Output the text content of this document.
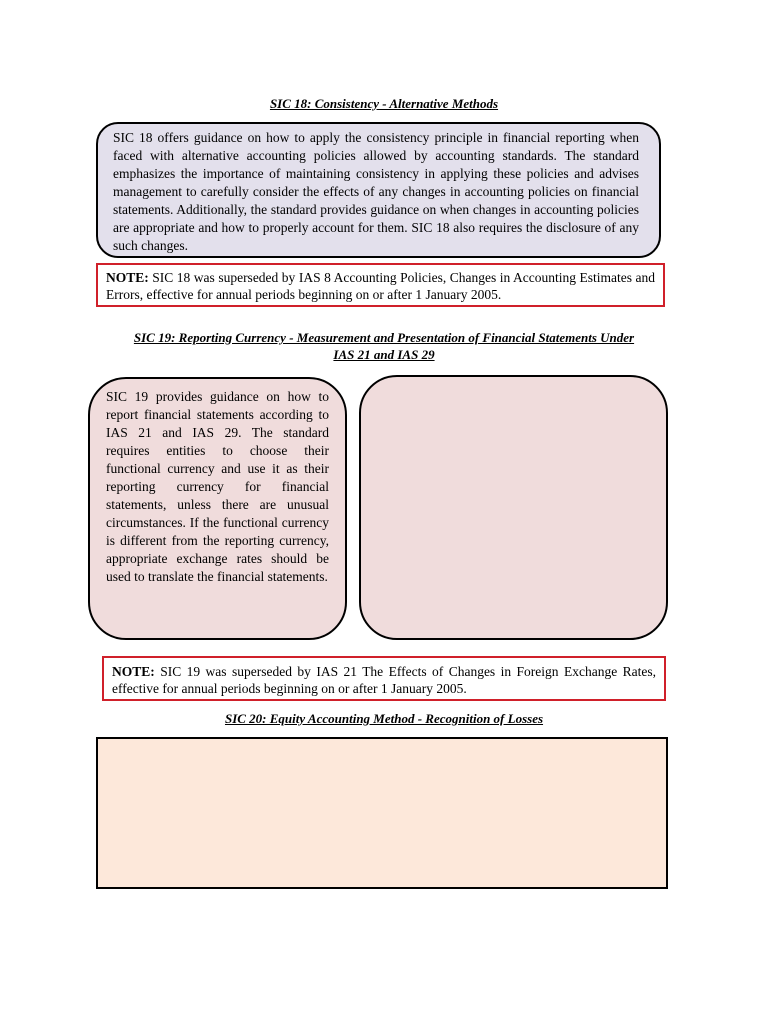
SIC 18: Consistency - Alternative Methods

SIC 18 offers guidance on how to apply the consistency principle in financial reporting when faced with alternative accounting policies allowed by accounting standards. The standard emphasizes the importance of maintaining consistency in applying these policies and advises management to carefully consider the effects of any changes in accounting policies on financial statements. Additionally, the standard provides guidance on when changes in accounting policies are appropriate and how to properly account for them. SIC 18 also requires the disclosure of any such changes.

NOTE: SIC 18 was superseded by IAS 8 Accounting Policies, Changes in Accounting Estimates and Errors, effective for annual periods beginning on or after 1 January 2005.
SIC 19: Reporting Currency - Measurement and Presentation of Financial Statements Under
IAS 21 and IAS 29

SIC 19 provides guidance on how to report financial statements according to IAS 21 and IAS 29. The standard requires entities to choose their functional currency and use it as their reporting currency for financial statements, unless there are unusual circumstances. If the functional currency is different from the reporting currency, appropriate exchange rates should be used to translate the financial statements.

NOTE: SIC 19 was superseded by IAS 21 The Effects of Changes in Foreign Exchange Rates, effective for annual periods beginning on or after 1 January 2005.
SIC 20: Equity Accounting Method - Recognition of Losses
